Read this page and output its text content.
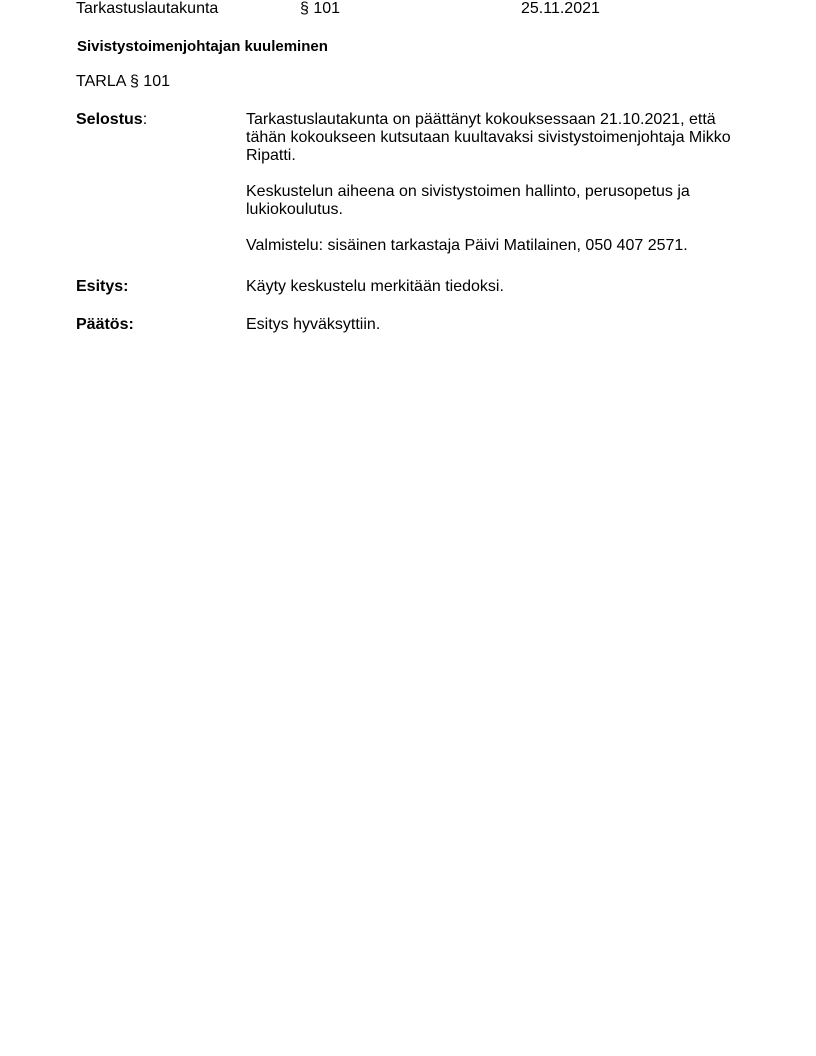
Tarkastuslautakunta	§ 101	25.11.2021
Sivistystoimenjohtajan kuuleminen
TARLA § 101
Selostus:	Tarkastuslautakunta on päättänyt kokouksessaan 21.10.2021, että tähän kokoukseen kutsutaan kuultavaksi sivistystoimenjohtaja Mikko Ripatti.

Keskustelun aiheena on sivistystoimen hallinto, perusopetus ja lukiokoulutus.

Valmistelu: sisäinen tarkastaja Päivi Matilainen, 050 407 2571.

Esitys:	Käyty keskustelu merkitään tiedoksi.
Päätös:	Esitys hyväksyttiin.
